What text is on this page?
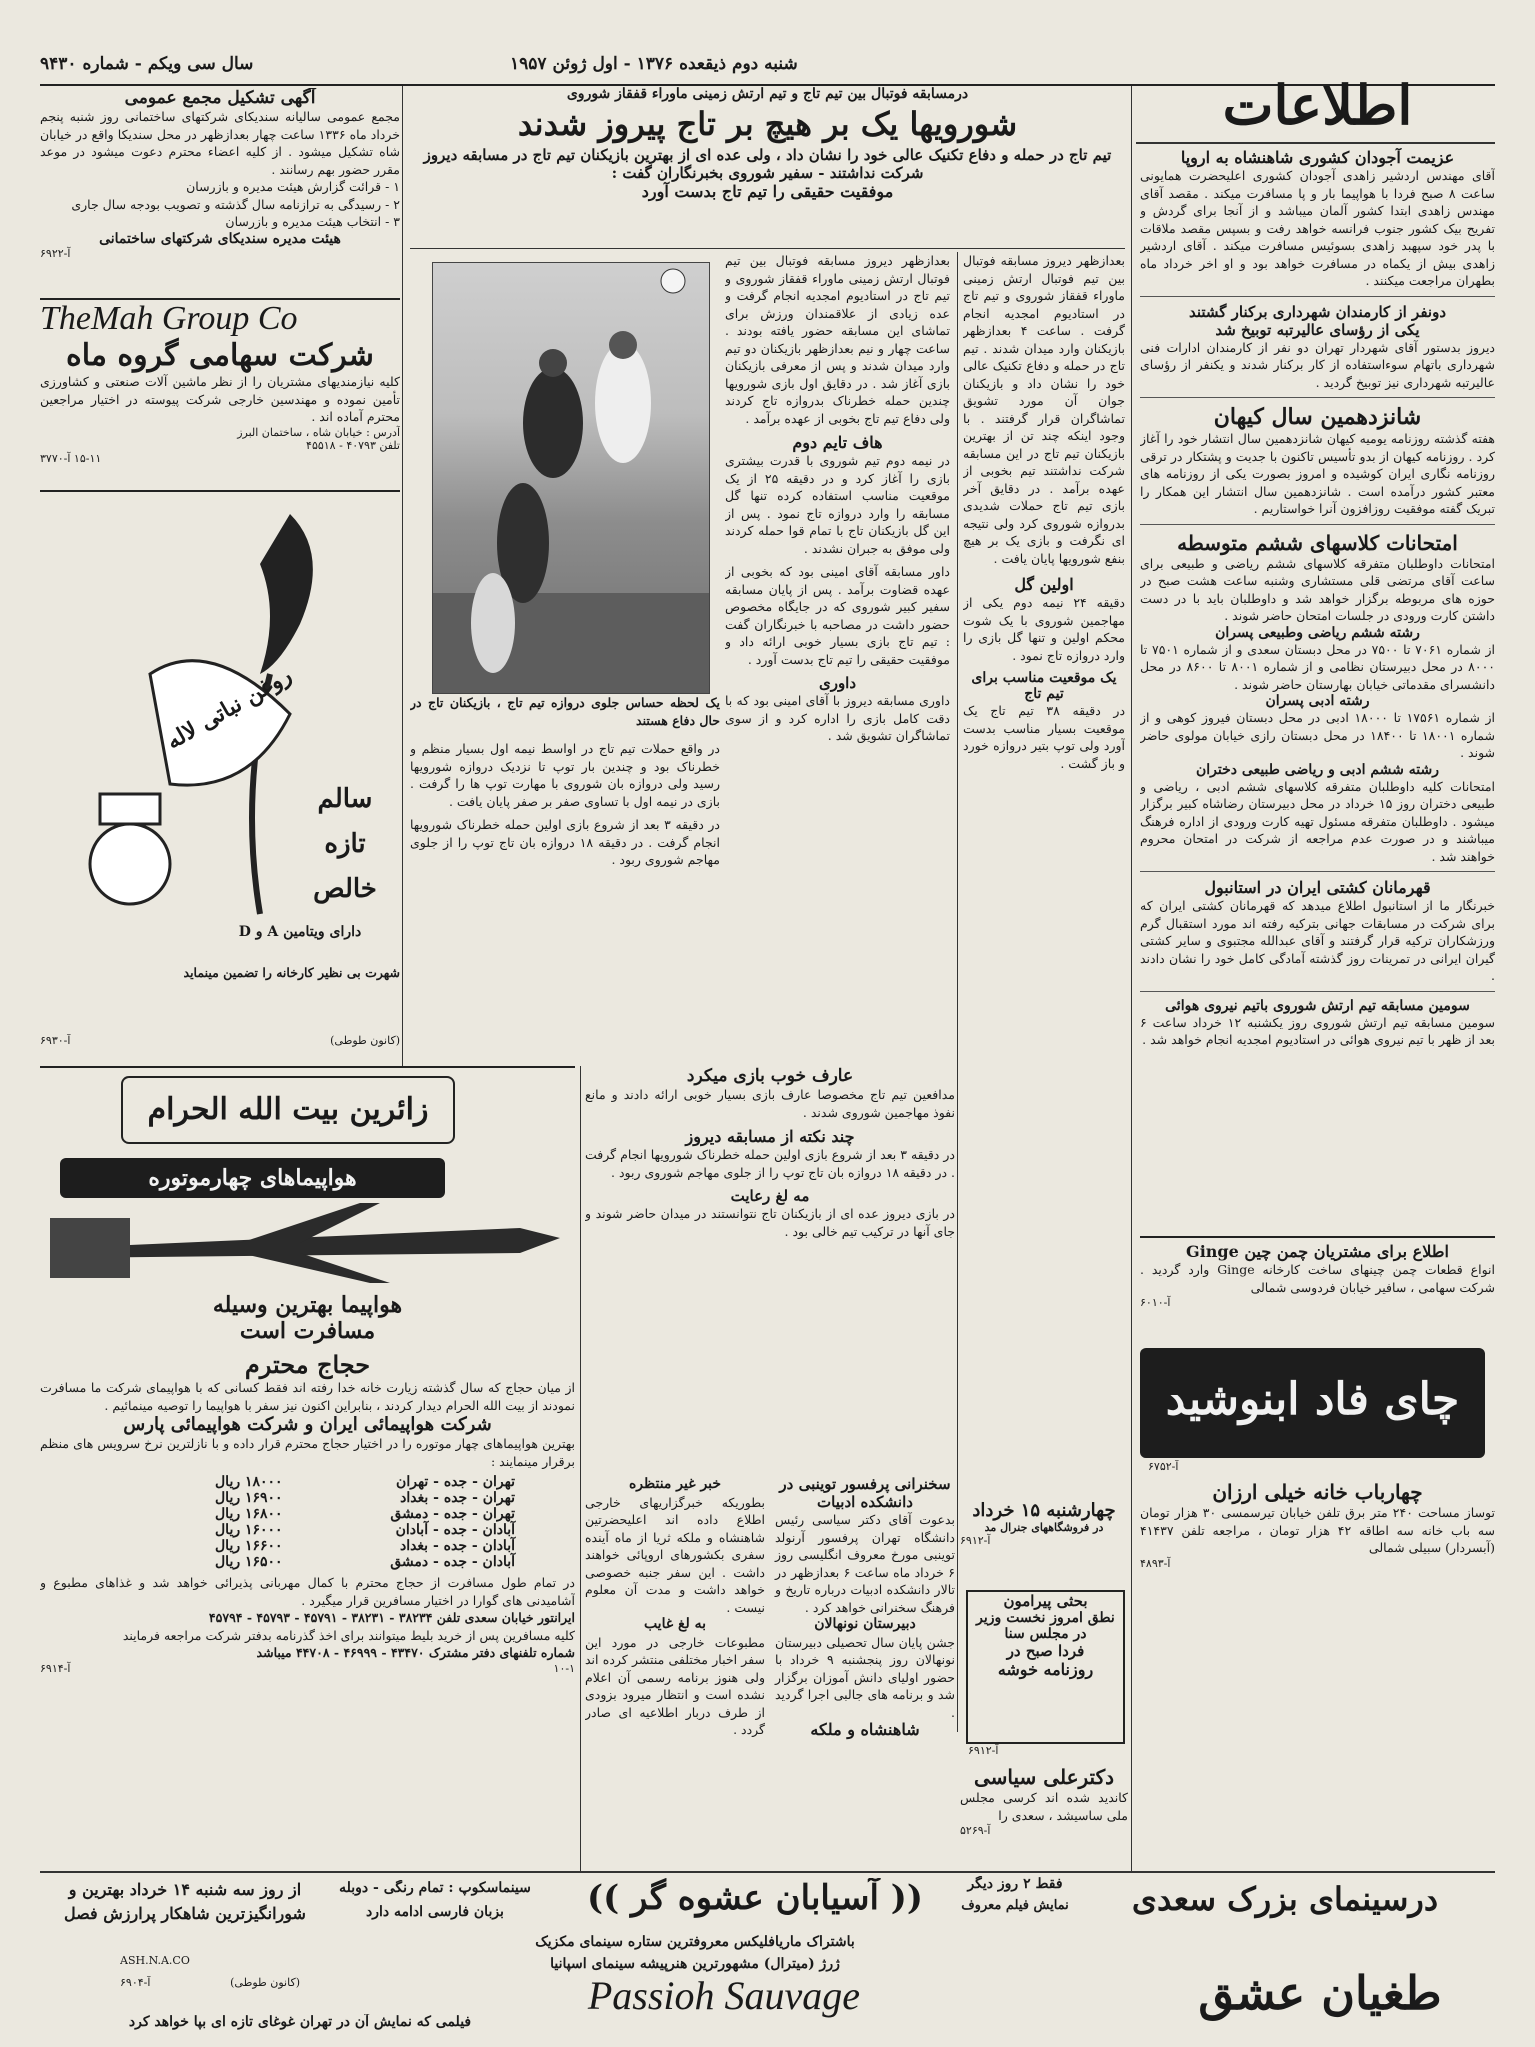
سال سی ویکم - شماره ۹۴۳۰	شنبه دوم ذیقعده ۱۳۷۶ - اول ژوئن ۱۹۵۷
اطلاعات
عزیمت آجودان کشوری شاهنشاه به اروپا
آقای مهندس اردشیر زاهدی آجودان کشوری اعلیحضرت همایونی ساعت ۸ صبح فردا با هواپیما بار و پا مسافرت میکند . مقصد آقای مهندس زاهدی ابتدا کشور آلمان میباشد و از آنجا برای گردش و تفریح بیک کشور جنوب فرانسه خواهد رفت و بسپس مقصد ملاقات با پدر خود سپهبد زاهدی بسوئیس مسافرت میکند . آقای اردشیر زاهدی بیش از یکماه در مسافرت خواهد بود و او اخر خرداد ماه بطهران مراجعت میکنند .
دونفر از کارمندان شهرداری برکنار گشتند
یکی از رؤسای عالیرتبه توبیخ شد
دیروز بدستور آقای شهردار تهران دو نفر از کارمندان ادارات فنی شهرداری باتهام سوءاستفاده از کار برکنار شدند و یکنفر از رؤسای عالیرتبه شهرداری نیز توبیخ گردید .
شانزدهمین سال کیهان
هفته گذشته روزنامه یومیه کیهان شانزدهمین سال انتشار خود را آغاز کرد . روزنامه کیهان از بدو تأسیس تاکنون با جدیت و پشتکار در ترقی روزنامه نگاری ایران کوشیده و امروز بصورت یکی از روزنامه های معتبر کشور درآمده است . شانزدهمین سال انتشار این همکار را تبریک گفته موفقیت روزافزون آنرا خواستاریم .
امتحانات کلاسهای ششم متوسطه
امتحانات داوطلبان متفرقه کلاسهای ششم ریاضی و طبیعی برای ساعت آقای مرتضی قلی مستشاری وشنبه ساعت هشت صبح در حوزه های مربوطه برگزار خواهد شد و داوطلبان باید با در دست داشتن کارت ورودی در جلسات امتحان حاضر شوند .
رشته ششم ریاضی وطبیعی پسران
از شماره ۷۰۶۱ تا ۷۵۰۰ در محل دبستان سعدی و از شماره ۷۵۰۱ تا ۸۰۰۰ در محل دبیرستان نظامی و از شماره ۸۰۰۱ تا ۸۶۰۰ در محل دانشسرای مقدماتی خیابان بهارستان حاضر شوند .
رشته ادبی پسران
از شماره ۱۷۵۶۱ تا ۱۸۰۰۰ ادبی در محل دبستان فیروز کوهی و از شماره ۱۸۰۰۱ تا ۱۸۴۰۰ در محل دبستان رازی خیابان مولوی حاضر شوند .
رشته ششم ادبی و ریاضی طبیعی دختران
امتحانات کلیه داوطلبان متفرقه کلاسهای ششم ادبی ، ریاضی و طبیعی دختران روز ۱۵ خرداد در محل دبیرستان رضاشاه کبیر برگزار میشود . داوطلبان متفرقه مسئول تهیه کارت ورودی از اداره فرهنگ میباشند و در صورت عدم مراجعه از شرکت در امتحان محروم خواهند شد .
قهرمانان کشتی ایران در استانبول
خبرنگار ما از استانبول اطلاع میدهد که قهرمانان کشتی ایران که برای شرکت در مسابقات جهانی بترکیه رفته اند مورد استقبال گرم ورزشکاران ترکیه قرار گرفتند و آقای عبدالله مجتبوی و سایر کشتی گیران ایرانی در تمرینات روز گذشته آمادگی کامل خود را نشان دادند .
سومین مسابقه تیم ارتش شوروی باتیم نیروی هوائی
سومین مسابقه تیم ارتش شوروی روز یکشنبه ۱۲ خرداد ساعت ۶ بعد از ظهر با تیم نیروی هوائی در استادیوم امجدیه انجام خواهد شد .
اطلاع برای مشتریان چمن چین Ginge
انواع قطعات چمن چینهای ساخت کارخانه Ginge وارد گردید . شرکت سهامی ، سافیر خیابان فردوسی شمالی
آ-۶۰۱۰
چای فاد ابنوشید
آ-۶۷۵۲
چهارباب خانه خیلی ارزان
توساز مساحت ۲۴۰ متر برق تلفن خیابان تیرسمسی ۳۰ هزار تومان سه باب خانه سه اطاقه ۴۲ هزار تومان ، مراجعه تلفن ۴۱۴۳۷ (آبسردار) سبیلی شمالی
آ-۴۸۹۳
درمسابقه فوتبال بین تیم تاج و تیم ارتش زمینی ماوراء قفقاز شوروی
شورویها یک بر هیچ بر تاج پیروز شدند
تیم تاج در حمله و دفاع تکنیک عالی خود را نشان داد ، ولی عده ای از بهترین بازیکنان تیم تاج در مسابقه دیروز شرکت نداشتند - سفیر شوروی بخبرنگاران گفت :
موفقیت حقیقی را تیم تاج بدست آورد
بعدازظهر دیروز مسابقه فوتبال بین تیم فوتبال ارتش زمینی ماوراء قفقاز شوروی و تیم تاج در استادیوم امجدیه انجام گرفت . ساعت ۴ بعدازظهر بازیکنان وارد میدان شدند . تیم تاج در حمله و دفاع تکنیک عالی خود را نشان داد و بازیکنان جوان آن مورد تشویق تماشاگران قرار گرفتند . با وجود اینکه چند تن از بهترین بازیکنان تیم تاج در این مسابقه شرکت نداشتند تیم بخوبی از عهده برآمد . در دقایق آخر بازی تیم تاج حملات شدیدی بدروازه شوروی کرد ولی نتیجه ای نگرفت و بازی یک بر هیچ بنفع شورویها پایان یافت .
اولین گل
دقیقه ۲۴ نیمه دوم یکی از مهاجمین شوروی با یک شوت محکم اولین و تنها گل بازی را وارد دروازه تاج نمود .
یک موقعیت مناسب برای تیم تاج
در دقیقه ۳۸ تیم تاج یک موقعیت بسیار مناسب بدست آورد ولی توپ بتیر دروازه خورد و باز گشت .
یک لحظه حساس جلوی دروازه تیم تاج ، بازیکنان تاج در حال دفاع هستند
بعدازظهر دیروز مسابقه فوتبال بین تیم فوتبال ارتش زمینی ماوراء قفقاز شوروی و تیم تاج در استادیوم امجدیه انجام گرفت و عده زیادی از علاقمندان ورزش برای تماشای این مسابقه حضور یافته بودند . ساعت چهار و نیم بعدازظهر بازیکنان دو تیم وارد میدان شدند و پس از معرفی بازیکنان بازی آغاز شد . در دقایق اول بازی شورویها چندین حمله خطرناک بدروازه تاج کردند ولی دفاع تیم تاج بخوبی از عهده برآمد .
هاف تایم دوم
در نیمه دوم تیم شوروی با قدرت بیشتری بازی را آغاز کرد و در دقیقه ۲۵ از یک موقعیت مناسب استفاده کرده تنها گل مسابقه را وارد دروازه تاج نمود . پس از این گل بازیکنان تاج با تمام قوا حمله کردند ولی موفق به جبران نشدند .
داور مسابقه آقای امینی بود که بخوبی از عهده قضاوت برآمد . پس از پایان مسابقه سفیر کبیر شوروی که در جایگاه مخصوص حضور داشت در مصاحبه با خبرنگاران گفت : تیم تاج بازی بسیار خوبی ارائه داد و موفقیت حقیقی را تیم تاج بدست آورد .
داوری
داوری مسابقه دیروز با آقای امینی بود که با دقت کامل بازی را اداره کرد و از سوی تماشاگران تشویق شد .
در واقع حملات تیم تاج در اواسط نیمه اول بسیار منظم و خطرناک بود و چندین بار توپ تا نزدیک دروازه شورویها رسید ولی دروازه بان شوروی با مهارت توپ ها را گرفت . بازی در نیمه اول با تساوی صفر بر صفر پایان یافت .
در دقیقه ۳ بعد از شروع بازی اولین حمله خطرناک شورویها انجام گرفت . در دقیقه ۱۸ دروازه بان تاج توپ را از جلوی مهاجم شوروی ربود .
عارف خوب بازی میکرد
مدافعین تیم تاج مخصوصا عارف بازی بسیار خوبی ارائه دادند و مانع نفوذ مهاجمین شوروی شدند .
چند نکته از مسابقه دیروز
در دقیقه ۳ بعد از شروع بازی اولین حمله خطرناک شورویها انجام گرفت . در دقیقه ۱۸ دروازه بان تاج توپ را از جلوی مهاجم شوروی ربود .
مه لغ رعایت
در بازی دیروز عده ای از بازیکنان تاج نتوانستند در میدان حاضر شوند و جای آنها در ترکیب تیم خالی بود .
چهارشنبه ۱۵ خرداد
در فروشگاههای جنرال مد
آ-۶۹۱۲
بحثی پیرامون
نطق امروز نخست وزیر
در مجلس سنا
فردا صبح در
روزنامه خوشه
آ-۶۹۱۲
دکترعلی سیاسی
کاندید شده اند کرسی مجلس ملی ساسیشد ، سعدی را
آ-۵۲۶۹
سخنرانی پرفسور توینبی در
دانشکده ادبیات
بدعوت آقای دکتر سیاسی رئیس دانشگاه تهران پرفسور آرنولد توینبی مورخ معروف انگلیسی روز ۶ خرداد ماه ساعت ۶ بعدازظهر در تالار دانشکده ادبیات درباره تاریخ و فرهنگ سخنرانی خواهد کرد .
دبیرستان نونهالان
جشن پایان سال تحصیلی دبیرستان نونهالان روز پنجشنبه ۹ خرداد با حضور اولیای دانش آموزان برگزار شد و برنامه های جالبی اجرا گردید .
شاهنشاه و ملکه
خبر غیر منتظره
بطوریکه خبرگزاریهای خارجی اطلاع داده اند اعلیحضرتین شاهنشاه و ملکه ثریا از ماه آینده سفری بکشورهای اروپائی خواهند داشت . این سفر جنبه خصوصی خواهد داشت و مدت آن معلوم نیست .
به لغ غایب
مطبوعات خارجی در مورد این سفر اخبار مختلفی منتشر کرده اند ولی هنوز برنامه رسمی آن اعلام نشده است و انتظار میرود بزودی از طرف دربار اطلاعیه ای صادر گردد .
آگهی تشکیل مجمع عمومی
مجمع عمومی سالیانه سندیکای شرکتهای ساختمانی روز شنبه پنجم خرداد ماه ۱۳۳۶ ساعت چهار بعدازظهر در محل سندیکا واقع در خیابان شاه تشکیل میشود . از کلیه اعضاء محترم دعوت میشود در موعد مقرر حضور بهم رسانند .
۱ - قرائت گزارش هیئت مدیره و بازرسان
۲ - رسیدگی به ترازنامه سال گذشته و تصویب بودجه سال جاری
۳ - انتخاب هیئت مدیره و بازرسان
هیئت مدیره سندیکای شرکتهای ساختمانی
آ-۶۹۲۲
TheMah Group Co
شرکت سهامی گروه ماه
کلیه نیازمندیهای مشتریان را از نظر ماشین آلات صنعتی و کشاورزی تأمین نموده و مهندسین خارجی شرکت پیوسته در اختیار مراجعین محترم آماده اند .
آدرس : خیابان شاه ، ساختمان البرز
تلفن ۴۰۷۹۳ - ۴۵۵۱۸
۱۵-۱۱ آ-۳۷۷۰
روغن نباتی لاله
سالم
تازه
خالص
دارای ویتامین A و D
شهرت بی نظیر کارخانه را تضمین مینماید
(کانون طوطی)
آ-۶۹۳۰
زائرین بیت الله الحرام
هواپیماهای چهارموتوره
هواپیما بهترین وسیله
مسافرت است
حجاج محترم
از میان حجاج که سال گذشته زیارت خانه خدا رفته اند فقط کسانی که با هواپیمای شرکت ما مسافرت نمودند از بیت الله الحرام دیدار کردند ، بنابراین اکنون نیز سفر با هواپیما را توصیه مینمائیم .
شرکت هواپیمائی ایران و شرکت هواپیمائی پارس
بهترین هواپیماهای چهار موتوره را در اختیار حجاج محترم قرار داده و با نازلترین نرخ سرویس های منظم برقرار مینمایند :
تهران - جده - تهران
۱۸۰۰۰ ریال
تهران - جده - بغداد
۱۶۹۰۰ ریال
تهران - جده - دمشق
۱۶۸۰۰ ریال
آبادان - جده - آبادان
۱۶۰۰۰ ریال
آبادان - جده - بغداد
۱۶۶۰۰ ریال
آبادان - جده - دمشق
۱۶۵۰۰ ریال
در تمام طول مسافرت از حجاج محترم با کمال مهربانی پذیرائی خواهد شد و غذاهای مطبوع و آشامیدنی های گوارا در اختیار مسافرین قرار میگیرد .
ایرانتور خیابان سعدی تلفن ۳۸۲۳۴ - ۳۸۲۳۱ - ۴۵۷۹۱ - ۴۵۷۹۳ - ۴۵۷۹۴
کلیه مسافرین پس از خرید بلیط میتوانند برای اخذ گذرنامه بدفتر شرکت مراجعه فرمایند
شماره تلفنهای دفتر مشترک ۴۳۴۷۰ - ۴۶۹۹۹ - ۴۴۷۰۸ میباشد
۱۰-۱
آ-۶۹۱۴
درسینمای بزرک سعدی
فقط ۲ روز دیگر
نمایش فیلم معروف
(( آسیابان عشوه گر ))
سینماسکوپ : تمام رنگی - دوبله
بزبان فارسی ادامه دارد
از روز سه شنبه ۱۴ خرداد بهترین و
شورانگیزترین شاهکار پرارزش فصل
باشتراک ماریافلیکس معروفترین ستاره سینمای مکزیک
ژرژ (میترال) مشهورترین هنرپیشه سینمای اسپانیا
Passioh Sauvage	طغیان عشق
فیلمی که نمایش آن در تهران غوغای تازه ای بپا خواهد کرد
ASH.N.A.CO
(کانون طوطی)
آ-۶۹۰۴
